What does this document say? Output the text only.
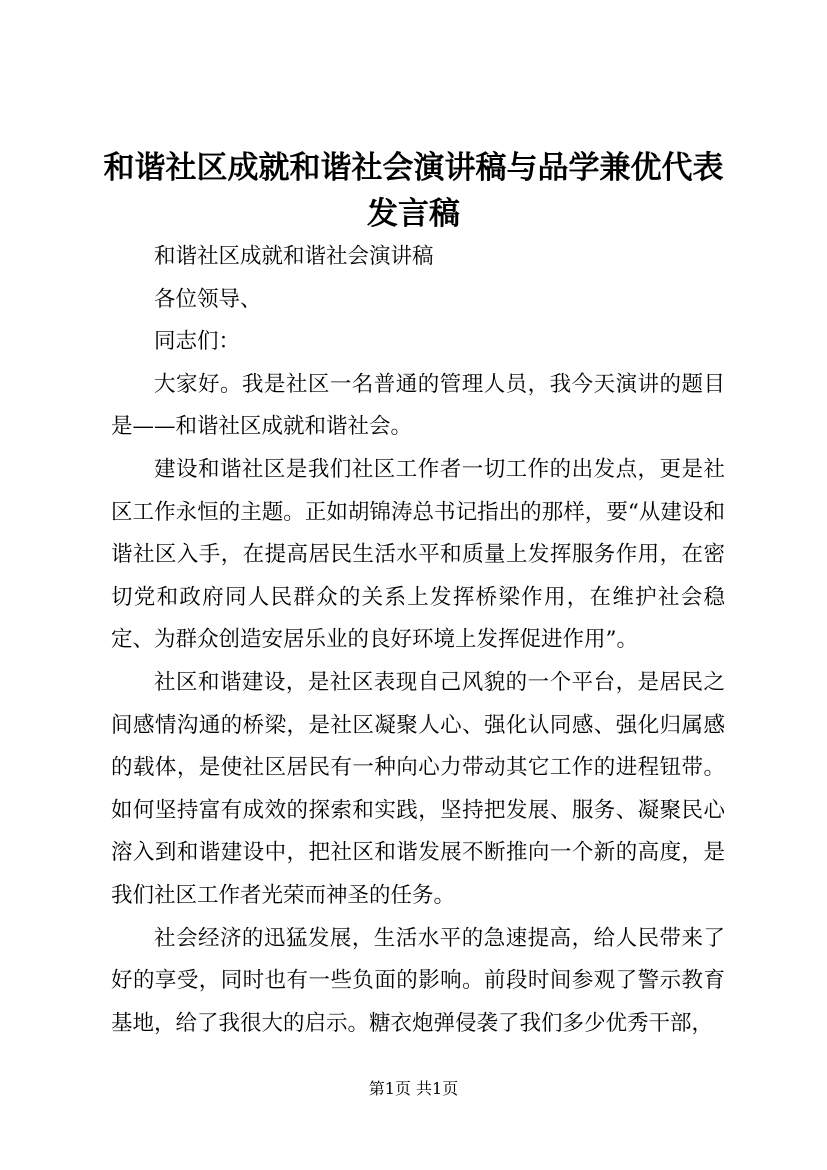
和谐社区成就和谐社会演讲稿与品学兼优代表发言稿

和谐社区成就和谐社会演讲稿

各位领导、

同志们：

大家好。我是社区一名普通的管理人员，我今天演讲的题目是——和谐社区成就和谐社会。

建设和谐社区是我们社区工作者一切工作的出发点，更是社区工作永恒的主题。正如胡锦涛总书记指出的那样，要“从建设和谐社区入手，在提高居民生活水平和质量上发挥服务作用，在密切党和政府同人民群众的关系上发挥桥梁作用，在维护社会稳定、为群众创造安居乐业的良好环境上发挥促进作用”。

社区和谐建设，是社区表现自己风貌的一个平台，是居民之间感情沟通的桥梁，是社区凝聚人心、强化认同感、强化归属感的载体，是使社区居民有一种向心力带动其它工作的进程钮带。如何坚持富有成效的探索和实践，坚持把发展、服务、凝聚民心溶入到和谐建设中，把社区和谐发展不断推向一个新的高度，是我们社区工作者光荣而神圣的任务。

社会经济的迅猛发展，生活水平的急速提高，给人民带来了好的享受，同时也有一些负面的影响。前段时间参观了警示教育基地，给了我很大的启示。糖衣炮弹侵袭了我们多少优秀干部，

第1页 共1页
